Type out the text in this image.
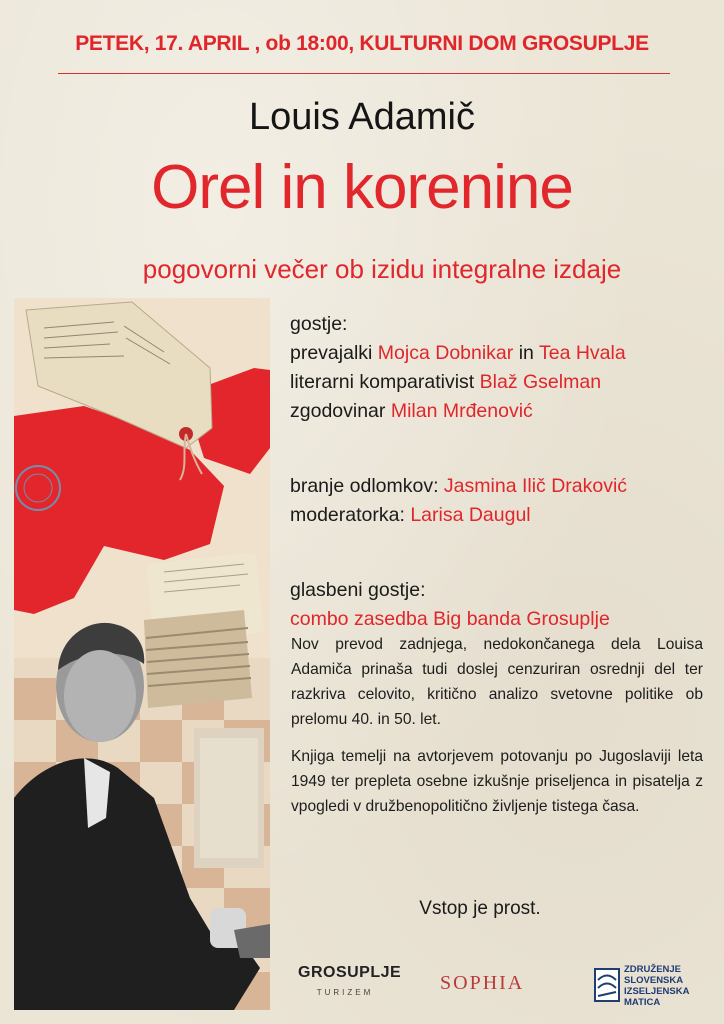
PETEK, 17. APRIL , ob 18:00, KULTURNI DOM GROSUPLJE
Louis Adamič
Orel in korenine
pogovorni večer ob izidu integralne izdaje
gostje:
prevajalki Mojca Dobnikar in Tea Hvala
literarni komparativist Blaž Gselman
zgodovinar Milan Mrđenović
branje odlomkov: Jasmina Ilič Draković
moderatorka: Larisa Daugul
glasbeni gostje:
combo zasedba Big banda Grosuplje
Nov prevod zadnjega, nedokončanega dela Louisa Adamiča prinaša tudi doslej cenzuriran osrednji del ter razkriva celovito, kritično analizo svetovne politike ob prelomu 40. in 50. let.
Knjiga temelji na avtorjevem potovanju po Jugoslaviji leta 1949 ter prepleta osebne izkušnje priseljenca in pisatelja z vpogledi v družbenopolitično življenje tistega časa.
Vstop je prost.
GROSUPLJE
TURIZEM	SOPHIA
ZDRUŽENJE
SLOVENSKA
IZSELJENSKA
MATICA
